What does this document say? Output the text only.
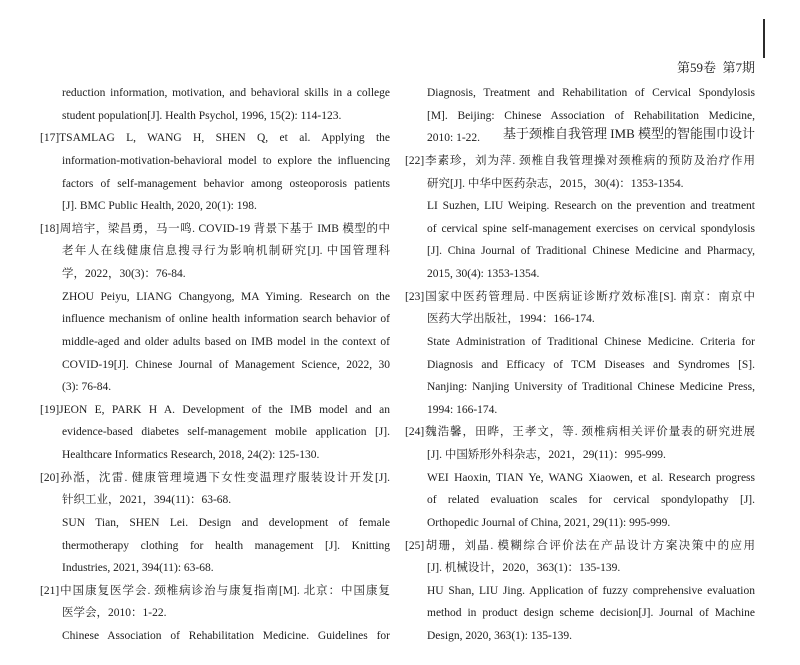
第59卷  第7期

基于颈椎自我管理 IMB 模型的智能围巾设计

reduction information, motivation, and behavioral skills in a college
student population[J]. Health Psychol, 1996, 15(2): 114-123.
[17]TSAMLAG L, WANG H, SHEN Q, et al. Applying the
information-motivation-behavioral model to explore the influencing
factors of self-management behavior among osteoporosis patients
[J]. BMC Public Health, 2020, 20(1): 198.
[18]周培宇，梁昌勇，马一鸣. COVID-19 背景下基于 IMB 模型的中
老年人在线健康信息搜寻行为影响机制研究[J]. 中国管理科
学，2022，30(3)：76-84.
ZHOU Peiyu, LIANG Changyong, MA Yiming. Research on the
influence mechanism of online health information search behavior of
middle-aged and older adults based on IMB model in the context of
COVID-19[J]. Chinese Journal of Management Science, 2022, 30
(3): 76-84.
[19]JEON E, PARK H A. Development of the IMB model and an
evidence-based diabetes self-management mobile application [J].
Healthcare Informatics Research, 2018, 24(2): 125-130.
[20]孙湉，沈雷. 健康管理境遇下女性变温理疗服装设计开发[J].
针织工业，2021，394(11)：63-68.
SUN Tian, SHEN Lei. Design and development of female
thermotherapy clothing for health management [J]. Knitting
Industries, 2021, 394(11): 63-68.
[21]中国康复医学会. 颈椎病诊治与康复指南[M]. 北京：中国康复
医学会，2010：1-22.
Chinese Association of Rehabilitation Medicine. Guidelines for
Diagnosis, Treatment and Rehabilitation of Cervical Spondylosis
[M]. Beijing: Chinese Association of Rehabilitation Medicine,
2010: 1-22.
[22]李素珍，刘为萍. 颈椎自我管理操对颈椎病的预防及治疗作用
研究[J]. 中华中医药杂志，2015，30(4)：1353-1354.
LI Suzhen, LIU Weiping. Research on the prevention and treatment
of cervical spine self-management exercises on cervical spondylosis
[J]. China Journal of Traditional Chinese Medicine and Pharmacy,
2015, 30(4): 1353-1354.
[23]国家中医药管理局. 中医病证诊断疗效标准[S]. 南京：南京中
医药大学出版社，1994：166-174.
State Administration of Traditional Chinese Medicine. Criteria for
Diagnosis and Efficacy of TCM Diseases and Syndromes [S].
Nanjing: Nanjing University of Traditional Chinese Medicine Press,
1994: 166-174.
[24]魏浩馨，田晔，王孝文，等. 颈椎病相关评价量表的研究进展
[J]. 中国矫形外科杂志，2021，29(11)：995-999.
WEI Haoxin, TIAN Ye, WANG Xiaowen, et al. Research progress
of related evaluation scales for cervical spondylopathy [J].
Orthopedic Journal of China, 2021, 29(11): 995-999.
[25]胡珊，刘晶. 模糊综合评价法在产品设计方案决策中的应用
[J]. 机械设计，2020，363(1)：135-139.
HU Shan, LIU Jing. Application of fuzzy comprehensive evaluation
method in product design scheme decision[J]. Journal of Machine
Design, 2020, 363(1): 135-139.
